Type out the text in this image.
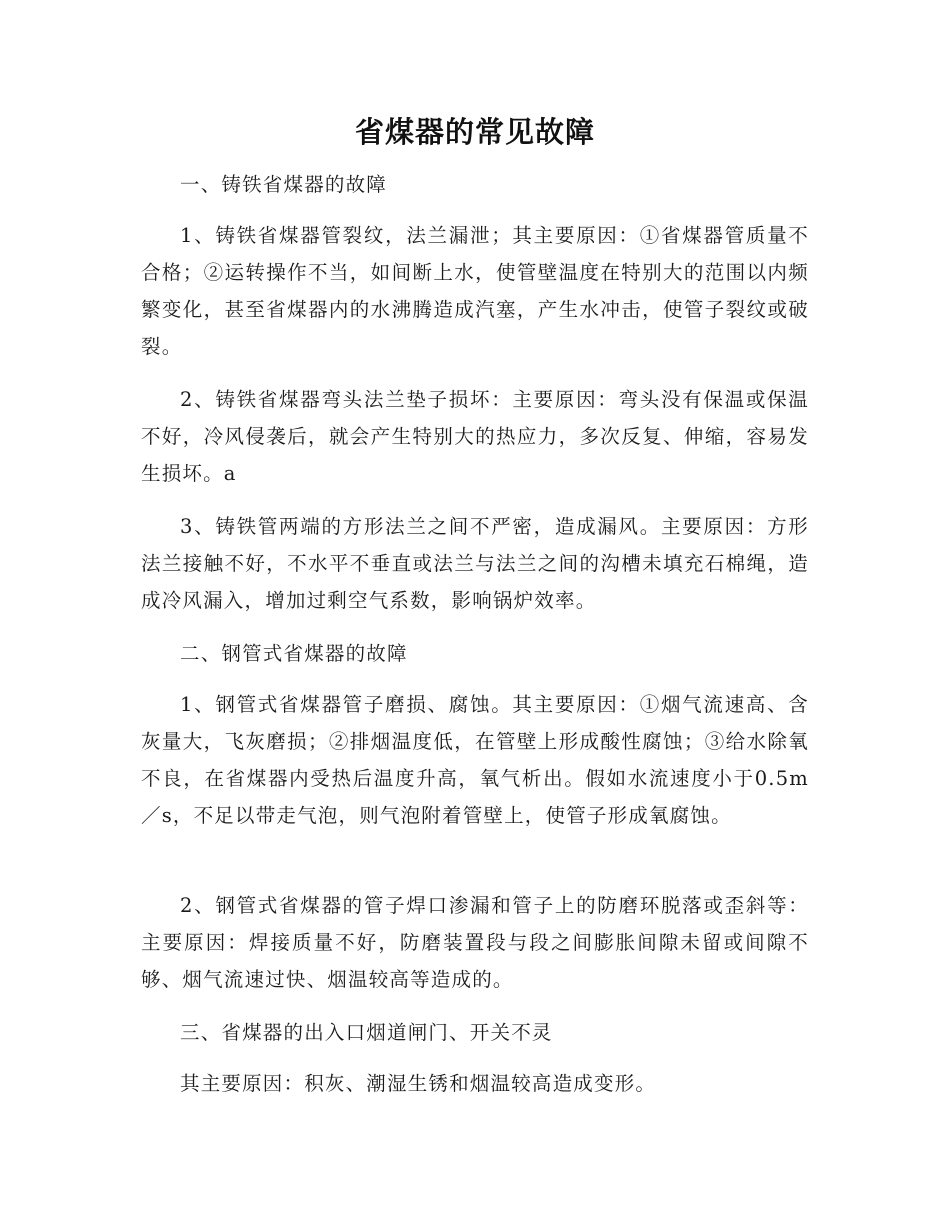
省煤器的常见故障

一、铸铁省煤器的故障

1、铸铁省煤器管裂纹，法兰漏泄；其主要原因：①省煤器管质量不合格；②运转操作不当，如间断上水，使管壁温度在特别大的范围以内频繁变化，甚至省煤器内的水沸腾造成汽塞，产生水冲击，使管子裂纹或破裂。

2、铸铁省煤器弯头法兰垫子损坏：主要原因：弯头没有保温或保温不好，冷风侵袭后，就会产生特别大的热应力，多次反复、伸缩，容易发生损坏。a

3、铸铁管两端的方形法兰之间不严密，造成漏风。主要原因：方形法兰接触不好，不水平不垂直或法兰与法兰之间的沟槽未填充石棉绳，造成冷风漏入，增加过剩空气系数，影响锅炉效率。

二、钢管式省煤器的故障

1、钢管式省煤器管子磨损、腐蚀。其主要原因：①烟气流速高、含灰量大，飞灰磨损；②排烟温度低，在管壁上形成酸性腐蚀；③给水除氧不良，在省煤器内受热后温度升高，氧气析出。假如水流速度小于0.5m／s，不足以带走气泡，则气泡附着管壁上，使管子形成氧腐蚀。

2、钢管式省煤器的管子焊口渗漏和管子上的防磨环脱落或歪斜等：主要原因：焊接质量不好，防磨装置段与段之间膨胀间隙未留或间隙不够、烟气流速过快、烟温较高等造成的。

三、省煤器的出入口烟道闸门、开关不灵

其主要原因：积灰、潮湿生锈和烟温较高造成变形。
